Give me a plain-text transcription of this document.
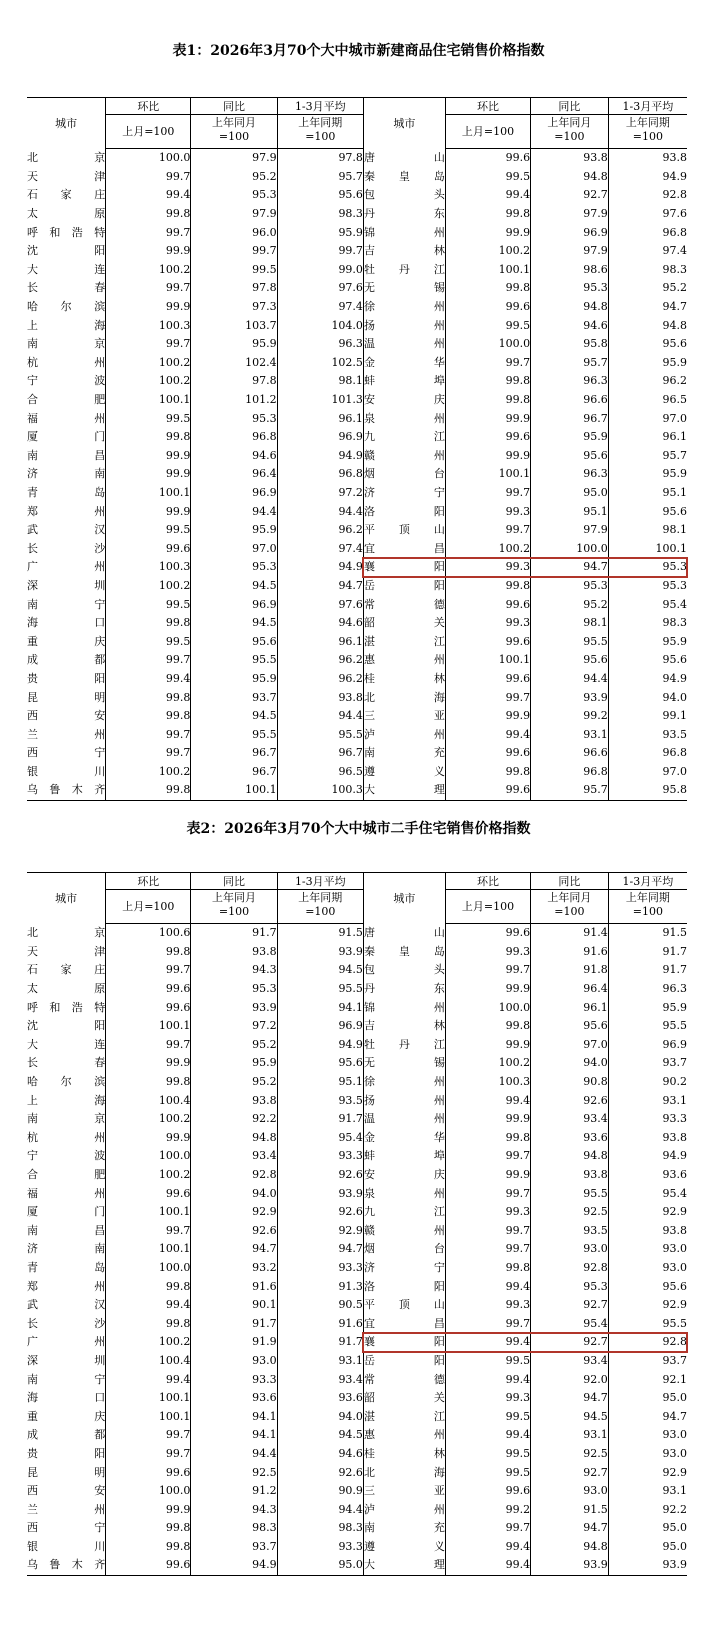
表1：2026年3月70个大中城市新建商品住宅销售价格指数
城市	环比	同比	1-3月平均	城市	环比	同比	1-3月平均
	上月=100	上年同月
=100	上年同期
=100		上月=100	上年同月
=100	上年同期
=100
北京	100.0	97.9	97.8	唐山	99.6	93.8	93.8
天津	99.7	95.2	95.7	秦皇岛	99.5	94.8	94.9
石家庄	99.4	95.3	95.6	包头	99.4	92.7	92.8
太原	99.8	97.9	98.3	丹东	99.8	97.9	97.6
呼和浩特	99.7	96.0	95.9	锦州	99.9	96.9	96.8
沈阳	99.9	99.7	99.7	吉林	100.2	97.9	97.4
大连	100.2	99.5	99.0	牡丹江	100.1	98.6	98.3
长春	99.7	97.8	97.6	无锡	99.8	95.3	95.2
哈尔滨	99.9	97.3	97.4	徐州	99.6	94.8	94.7
上海	100.3	103.7	104.0	扬州	99.5	94.6	94.8
南京	99.7	95.9	96.3	温州	100.0	95.8	95.6
杭州	100.2	102.4	102.5	金华	99.7	95.7	95.9
宁波	100.2	97.8	98.1	蚌埠	99.8	96.3	96.2
合肥	100.1	101.2	101.3	安庆	99.8	96.6	96.5
福州	99.5	95.3	96.1	泉州	99.9	96.7	97.0
厦门	99.8	96.8	96.9	九江	99.6	95.9	96.1
南昌	99.9	94.6	94.9	赣州	99.9	95.6	95.7
济南	99.9	96.4	96.8	烟台	100.1	96.3	95.9
青岛	100.1	96.9	97.2	济宁	99.7	95.0	95.1
郑州	99.9	94.4	94.4	洛阳	99.3	95.1	95.6
武汉	99.5	95.9	96.2	平顶山	99.7	97.9	98.1
长沙	99.6	97.0	97.4	宜昌	100.2	100.0	100.1
广州	100.3	95.3	94.9	襄阳	99.3	94.7	95.3
深圳	100.2	94.5	94.7	岳阳	99.8	95.3	95.3
南宁	99.5	96.9	97.6	常德	99.6	95.2	95.4
海口	99.8	94.5	94.6	韶关	99.3	98.1	98.3
重庆	99.5	95.6	96.1	湛江	99.6	95.5	95.9
成都	99.7	95.5	96.2	惠州	100.1	95.6	95.6
贵阳	99.4	95.9	96.2	桂林	99.6	94.4	94.9
昆明	99.8	93.7	93.8	北海	99.7	93.9	94.0
西安	99.8	94.5	94.4	三亚	99.9	99.2	99.1
兰州	99.7	95.5	95.5	泸州	99.4	93.1	93.5
西宁	99.7	96.7	96.7	南充	99.6	96.6	96.8
银川	100.2	96.7	96.5	遵义	99.8	96.8	97.0
乌鲁木齐	99.8	100.1	100.3	大理	99.6	95.7	95.8
表2：2026年3月70个大中城市二手住宅销售价格指数
城市	环比	同比	1-3月平均	城市	环比	同比	1-3月平均
	上月=100	上年同月
=100	上年同期
=100		上月=100	上年同月
=100	上年同期
=100
北京	100.6	91.7	91.5	唐山	99.6	91.4	91.5
天津	99.8	93.8	93.9	秦皇岛	99.3	91.6	91.7
石家庄	99.7	94.3	94.5	包头	99.7	91.8	91.7
太原	99.6	95.3	95.5	丹东	99.9	96.4	96.3
呼和浩特	99.6	93.9	94.1	锦州	100.0	96.1	95.9
沈阳	100.1	97.2	96.9	吉林	99.8	95.6	95.5
大连	99.7	95.2	94.9	牡丹江	99.9	97.0	96.9
长春	99.9	95.9	95.6	无锡	100.2	94.0	93.7
哈尔滨	99.8	95.2	95.1	徐州	100.3	90.8	90.2
上海	100.4	93.8	93.5	扬州	99.4	92.6	93.1
南京	100.2	92.2	91.7	温州	99.9	93.4	93.3
杭州	99.9	94.8	95.4	金华	99.8	93.6	93.8
宁波	100.0	93.4	93.3	蚌埠	99.7	94.8	94.9
合肥	100.2	92.8	92.6	安庆	99.9	93.8	93.6
福州	99.6	94.0	93.9	泉州	99.7	95.5	95.4
厦门	100.1	92.9	92.6	九江	99.3	92.5	92.9
南昌	99.7	92.6	92.9	赣州	99.7	93.5	93.8
济南	100.1	94.7	94.7	烟台	99.7	93.0	93.0
青岛	100.0	93.2	93.3	济宁	99.8	92.8	93.0
郑州	99.8	91.6	91.3	洛阳	99.4	95.3	95.6
武汉	99.4	90.1	90.5	平顶山	99.3	92.7	92.9
长沙	99.8	91.7	91.6	宜昌	99.7	95.4	95.5
广州	100.2	91.9	91.7	襄阳	99.4	92.7	92.8
深圳	100.4	93.0	93.1	岳阳	99.5	93.4	93.7
南宁	99.4	93.3	93.4	常德	99.4	92.0	92.1
海口	100.1	93.6	93.6	韶关	99.3	94.7	95.0
重庆	100.1	94.1	94.0	湛江	99.5	94.5	94.7
成都	99.7	94.1	94.5	惠州	99.4	93.1	93.0
贵阳	99.7	94.4	94.6	桂林	99.5	92.5	93.0
昆明	99.6	92.5	92.6	北海	99.5	92.7	92.9
西安	100.0	91.2	90.9	三亚	99.6	93.0	93.1
兰州	99.9	94.3	94.4	泸州	99.2	91.5	92.2
西宁	99.8	98.3	98.3	南充	99.7	94.7	95.0
银川	99.8	93.7	93.3	遵义	99.4	94.8	95.0
乌鲁木齐	99.6	94.9	95.0	大理	99.4	93.9	93.9
